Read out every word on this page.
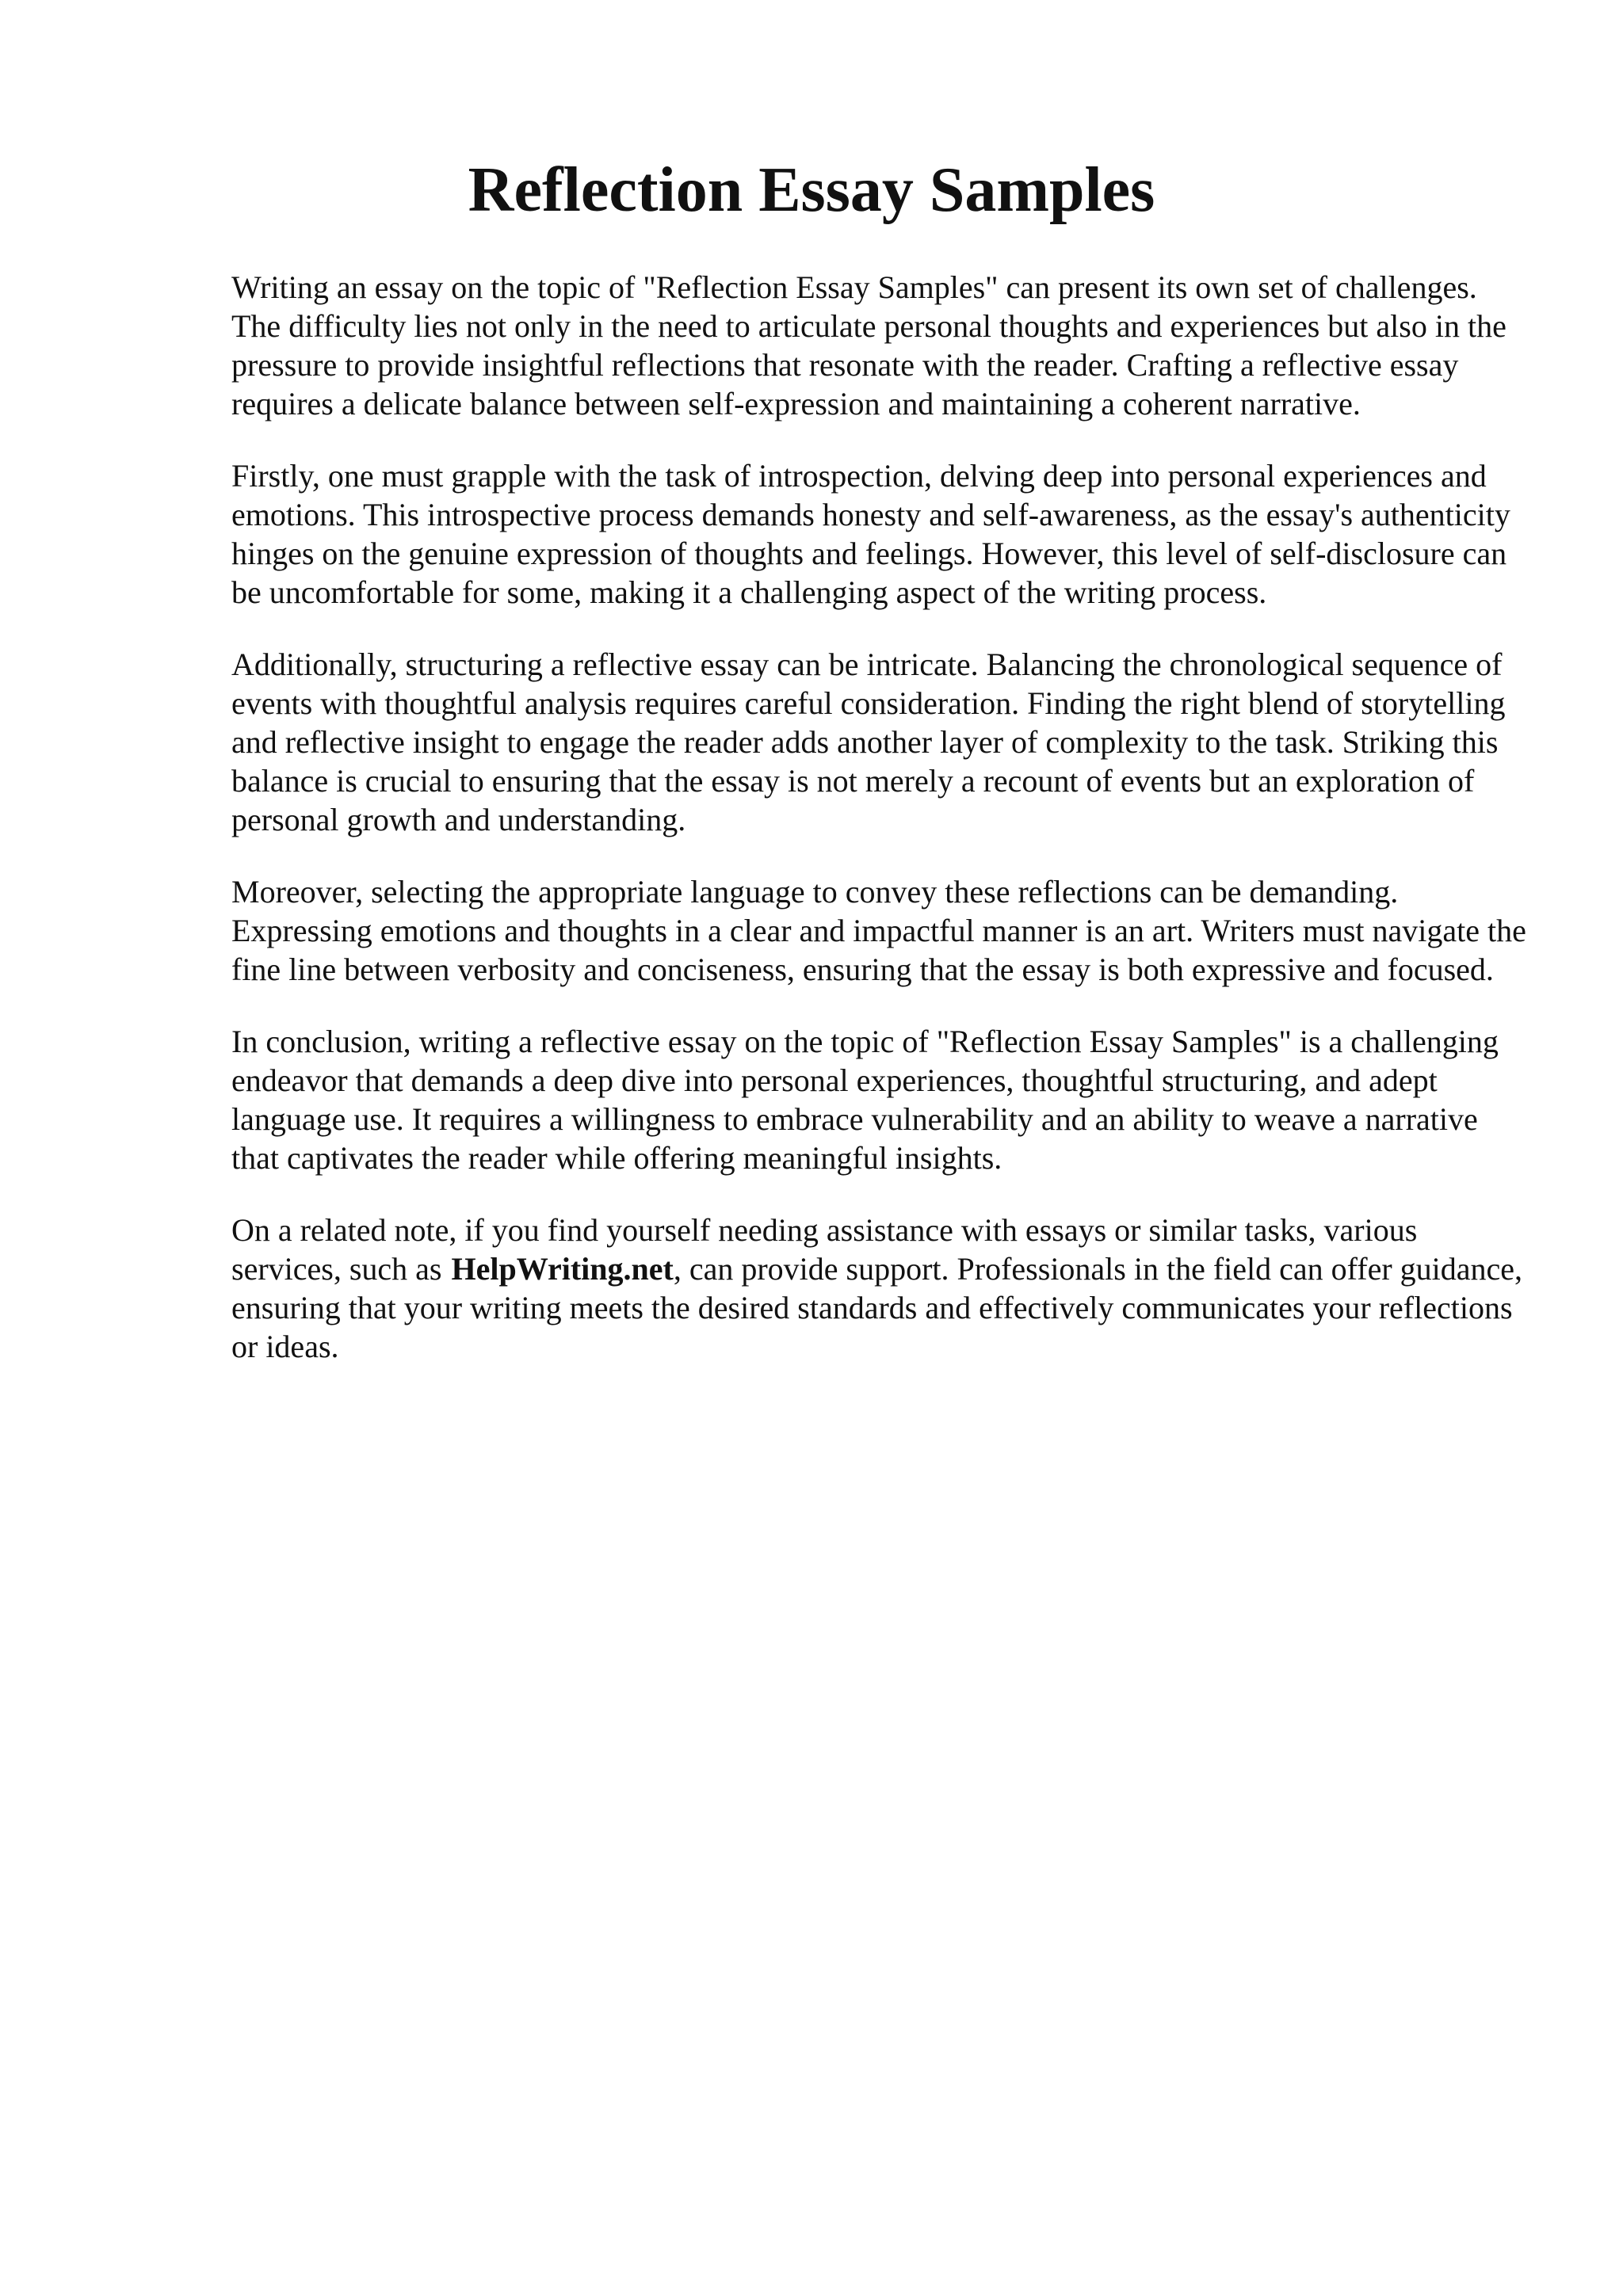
Reflection Essay Samples

Writing an essay on the topic of "Reflection Essay Samples" can present its own set of challenges. The difficulty lies not only in the need to articulate personal thoughts and experiences but also in the pressure to provide insightful reflections that resonate with the reader. Crafting a reflective essay requires a delicate balance between self-expression and maintaining a coherent narrative.

Firstly, one must grapple with the task of introspection, delving deep into personal experiences and emotions. This introspective process demands honesty and self-awareness, as the essay's authenticity hinges on the genuine expression of thoughts and feelings. However, this level of self-disclosure can be uncomfortable for some, making it a challenging aspect of the writing process.

Additionally, structuring a reflective essay can be intricate. Balancing the chronological sequence of events with thoughtful analysis requires careful consideration. Finding the right blend of storytelling and reflective insight to engage the reader adds another layer of complexity to the task. Striking this balance is crucial to ensuring that the essay is not merely a recount of events but an exploration of personal growth and understanding.

Moreover, selecting the appropriate language to convey these reflections can be demanding. Expressing emotions and thoughts in a clear and impactful manner is an art. Writers must navigate the fine line between verbosity and conciseness, ensuring that the essay is both expressive and focused.

In conclusion, writing a reflective essay on the topic of "Reflection Essay Samples" is a challenging endeavor that demands a deep dive into personal experiences, thoughtful structuring, and adept language use. It requires a willingness to embrace vulnerability and an ability to weave a narrative that captivates the reader while offering meaningful insights.

On a related note, if you find yourself needing assistance with essays or similar tasks, various services, such as HelpWriting.net, can provide support. Professionals in the field can offer guidance, ensuring that your writing meets the desired standards and effectively communicates your reflections or ideas.
